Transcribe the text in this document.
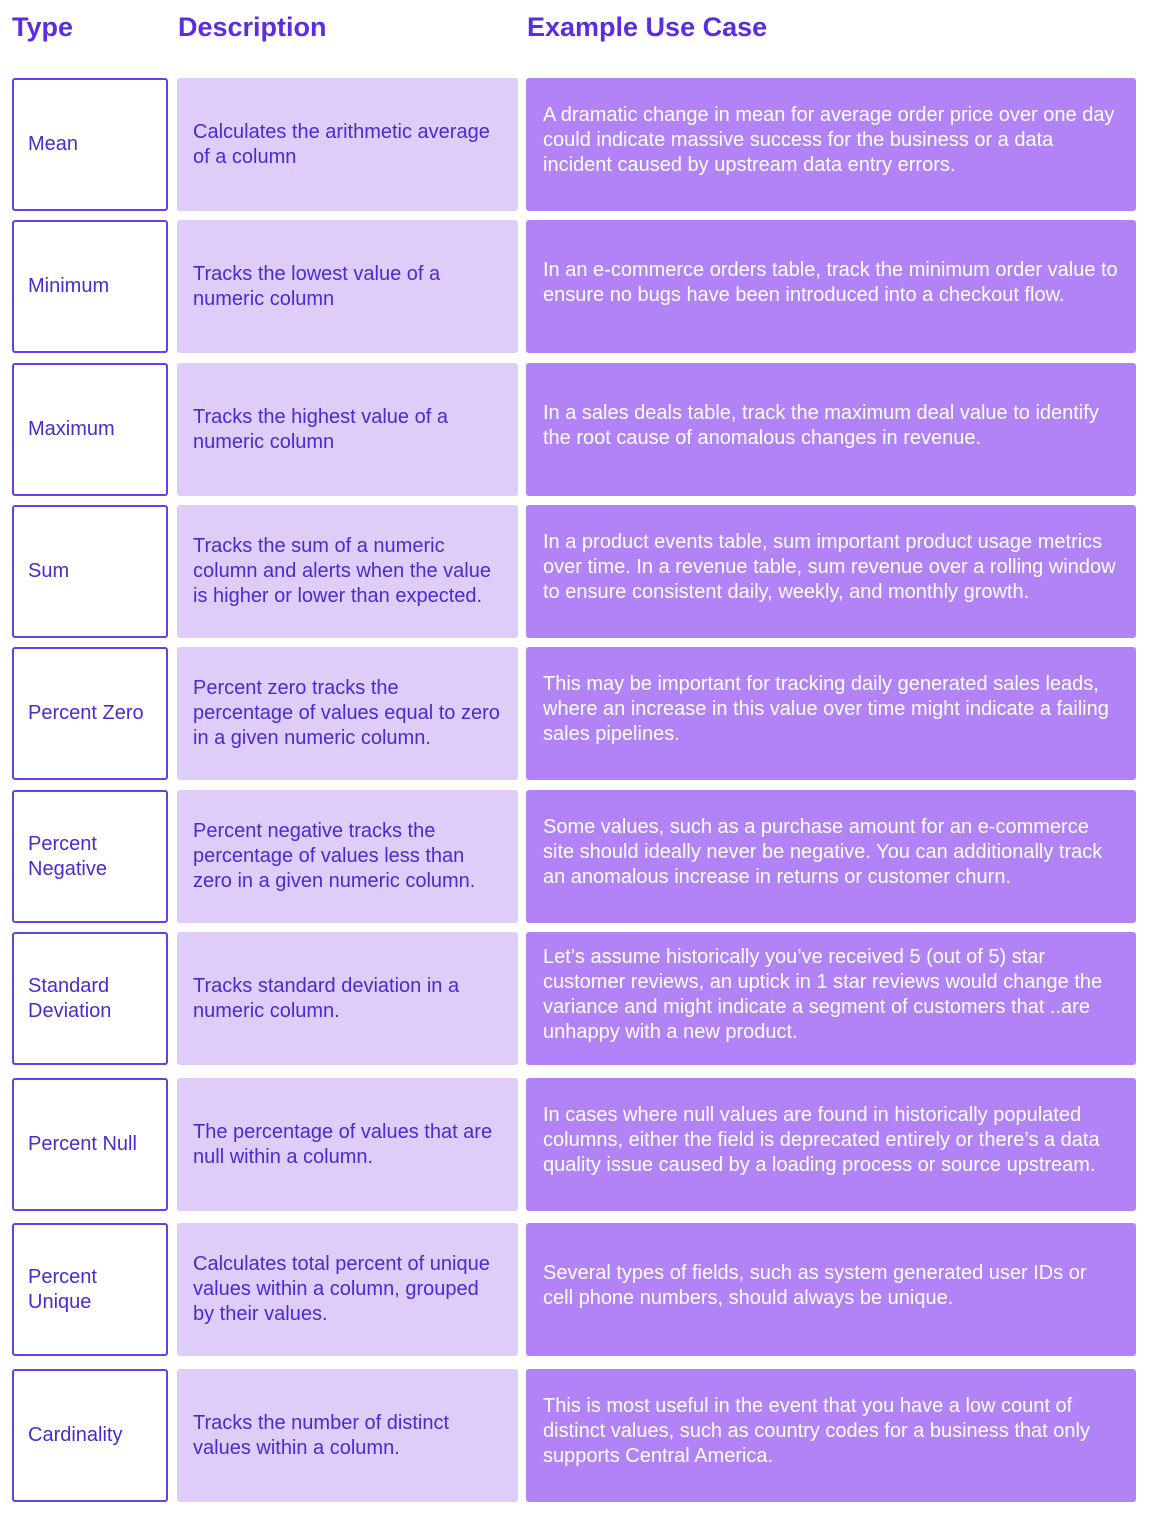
Type	Description	Example Use Case
Mean
Calculates the arithmetic average of a column
A dramatic change in mean for average order price over one day could indicate massive success for the business or a data incident caused by upstream data entry errors.
Minimum
Tracks the lowest value of a numeric column
In an e-commerce orders table, track the minimum order value to ensure no bugs have been introduced into a checkout flow.
Maximum
Tracks the highest value of a numeric column
In a sales deals table, track the maximum deal value to identify the root cause of anomalous changes in revenue.
Sum
Tracks the sum of a numeric column and alerts when the value is higher or lower than expected.
In a product events table, sum important product usage metrics over time. In a revenue table, sum revenue over a rolling window to ensure consistent daily, weekly, and monthly growth.
Percent Zero
Percent zero tracks the percentage of values equal to zero in a given numeric column.
This may be important for tracking daily generated sales leads, where an increase in this value over time might indicate a failing sales pipelines.
Percent Negative
Percent negative tracks the percentage of values less than zero in a given numeric column.
Some values, such as a purchase amount for an e-commerce site should ideally never be negative. You can additionally track an anomalous increase in returns or customer churn.
Standard Deviation
Tracks standard deviation in a numeric column.
Let’s assume historically you’ve received 5 (out of 5) star customer reviews, an uptick in 1 star reviews would change the variance and might indicate a segment of customers that ..are unhappy with a new product.
Percent Null
The percentage of values that are null within a column.
In cases where null values are found in historically populated columns, either the field is deprecated entirely or there’s a data quality issue caused by a loading process or source upstream.
Percent Unique
Calculates total percent of unique values within a column, grouped by their values.
Several types of fields, such as system generated user IDs or cell phone numbers, should always be unique.
Cardinality
Tracks the number of distinct values within a column.
This is most useful in the event that you have a low count of distinct values, such as country codes for a business that only supports Central America.
